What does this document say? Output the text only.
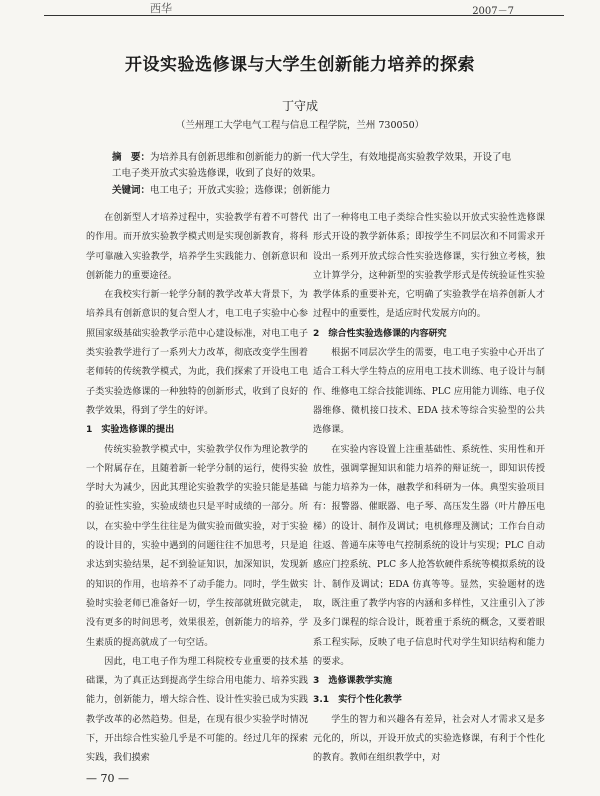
西华	2007－7
开设实验选修课与大学生创新能力培养的探索
丁守成
（兰州理工大学电气工程与信息工程学院，兰州 730050）
摘　要：为培养具有创新思维和创新能力的新一代大学生，有效地提高实验教学效果，开设了电工电子类开放式实验选修课，收到了良好的效果。
关键词：电工电子；开放式实验；选修课；创新能力

在创新型人才培养过程中，实验教学有着不可替代的作用。而开放实验教学模式则是实现创新教育，将科学可靠融入实验教学，培养学生实践能力、创新意识和创新能力的重要途径。

在我校实行新一轮学分制的教学改革大背景下，为培养具有创新意识的复合型人才，电工电子实验中心参照国家级基础实验教学示范中心建设标准，对电工电子类实验教学进行了一系列大力改革，彻底改变学生围着老师转的传统教学模式，为此，我们探索了开设电工电子类实验选修课的一种独特的创新形式，收到了良好的教学效果，得到了学生的好评。

1　实验选修课的提出

传统实验教学模式中，实验教学仅作为理论教学的一个附属存在，且随着新一轮学分制的运行，使得实验学时大为减少，因此其理论实验教学的实验只能是基础的验证性实验，实验成绩也只是平时成绩的一部分。所以，在实验中学生往往是为做实验而做实验，对于实验的设计目的，实验中遇到的问题往往不加思考，只是追求达到实验结果，起不到验证知识，加深知识，发现新的知识的作用，也培养不了动手能力。同时，学生做实验时实验老师已准备好一切，学生按部就班做完就走，没有更多的时间思考，效果很差，创新能力的培养，学生素质的提高就成了一句空话。

因此，电工电子作为理工科院校专业重要的技术基础课，为了真正达到提高学生综合用电能力、培养实践能力，创新能力，增大综合性、设计性实验已成为实践教学改革的必然趋势。但是，在现有很少实验学时情况下，开出综合性实验几乎是不可能的。经过几年的探索实践，我们摸索

出了一种将电工电子类综合性实验以开放式实验性选修课形式开设的教学新体系；即按学生不同层次和不同需求开设出一系列开放式综合性实验选修课，实行独立考核，独立计算学分，这种新型的实验教学形式是传统验证性实验教学体系的重要补充，它明确了实验教学在培养创新人才过程中的重要性，是适应时代发展方向的。

2　综合性实验选修课的内容研究

根据不同层次学生的需要，电工电子实验中心开出了适合工科大学生特点的应用电工技术训练、电子设计与制作、维修电工综合技能训练、PLC 应用能力训练、电子仪器维修、微机接口技术、EDA 技术等综合实验型的公共选修课。

在实验内容设置上注重基础性、系统性、实用性和开放性，强调掌握知识和能力培养的辩证统一，即知识传授与能力培养为一体，融教学和科研为一体。典型实验项目有：报警器、催眠器、电子琴、高压发生器（叶片静压电梯）的设计、制作及调试；电机修理及测试；工作台自动往返、普通车床等电气控制系统的设计与实现；PLC 自动感应门控系统、PLC 多人抢答软硬件系统等模拟系统的设计、制作及调试；EDA 仿真等等。显然，实验题材的选取，既注重了教学内容的内涵和多样性，又注重引入了涉及多门课程的综合设计，既着重于系统的概念，又要着眼系工程实际，反映了电子信息时代对学生知识结构和能力的要求。

3　选修课教学实施
3.1　实行个性化教学

学生的智力和兴趣各有差异，社会对人才需求又是多元化的，所以，开设开放式的实验选修课，有利于个性化的教育。教师在组织教学中，对

— 70 —
